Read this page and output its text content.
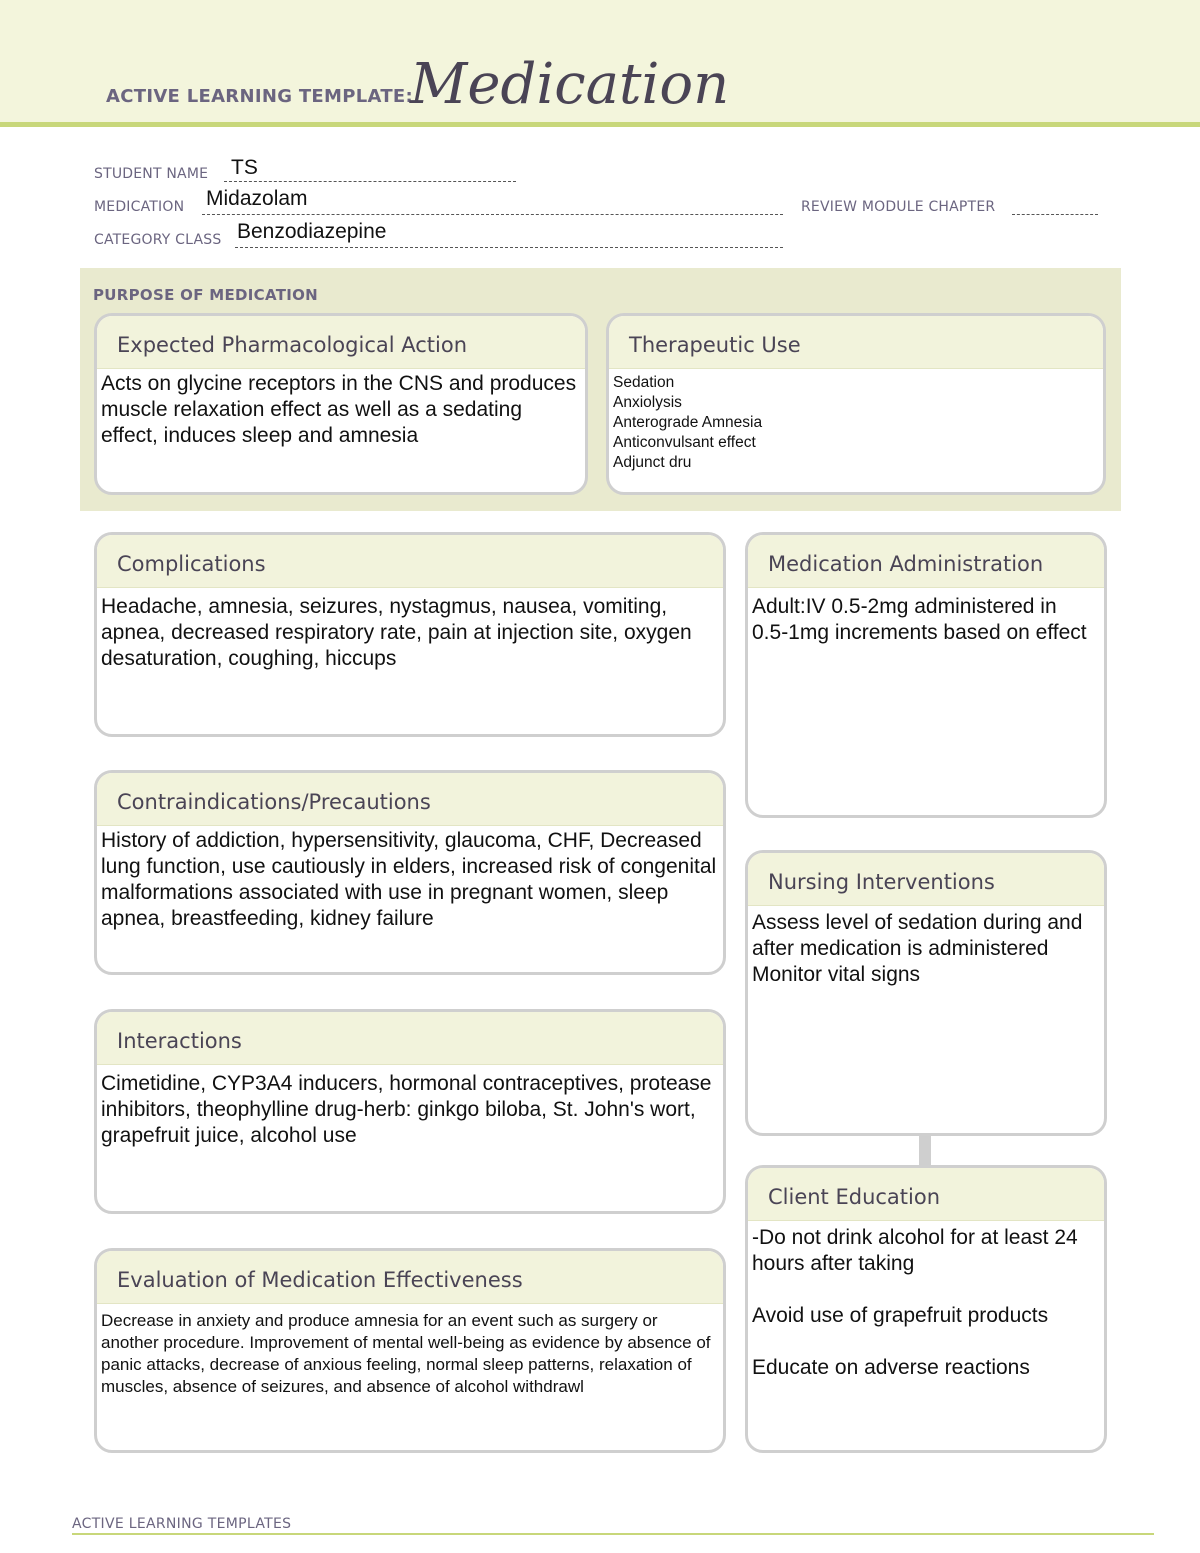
ACTIVE LEARNING TEMPLATE:
Medication
STUDENT NAME TS
MEDICATION Midazolam	REVIEW MODULE CHAPTER
CATEGORY CLASS Benzodiazepine
PURPOSE OF MEDICATION
Expected Pharmacological Action
Acts on glycine receptors in the CNS and produces muscle relaxation effect as well as a sedating effect, induces sleep and amnesia
Therapeutic Use
Sedation
Anxiolysis
Anterograde Amnesia
Anticonvulsant effect
Adjunct dru
Complications
Headache, amnesia, seizures, nystagmus, nausea, vomiting, apnea, decreased respiratory rate, pain at injection site, oxygen desaturation, coughing, hiccups
Contraindications/Precautions
History of addiction, hypersensitivity, glaucoma, CHF, Decreased lung function, use cautiously in elders, increased risk of congenital malformations associated with use in pregnant women, sleep apnea, breastfeeding, kidney failure
Interactions
Cimetidine, CYP3A4 inducers, hormonal contraceptives, protease inhibitors, theophylline drug-herb: ginkgo biloba, St. John's wort, grapefruit juice, alcohol use
Evaluation of Medication Effectiveness
Decrease in anxiety and produce amnesia for an event such as surgery or another procedure. Improvement of mental well-being as evidence by absence of panic attacks, decrease of anxious feeling, normal sleep patterns, relaxation of muscles, absence of seizures, and absence of alcohol withdrawl
Medication Administration
Adult:IV 0.5-2mg administered in 0.5-1mg increments based on effect
Nursing Interventions
Assess level of sedation during and after medication is administered
Monitor vital signs
Client Education
-Do not drink alcohol for at least 24 hours after taking

Avoid use of grapefruit products

Educate on adverse reactions
ACTIVE LEARNING TEMPLATES
